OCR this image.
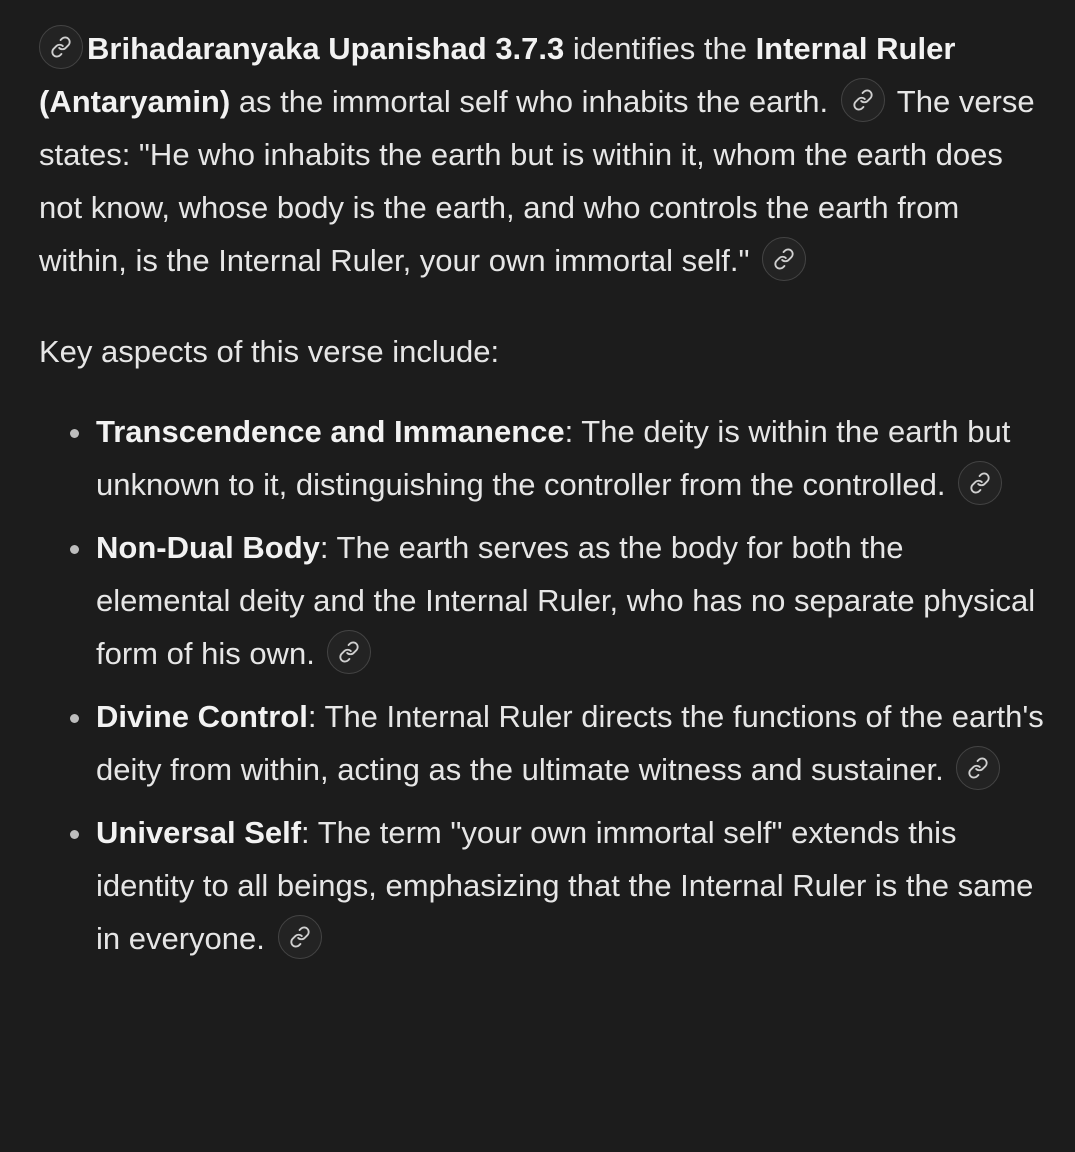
Brihadaranyaka Upanishad 3.7.3 identifies the Internal Ruler (Antaryamin) as the immortal self who inhabits the earth.
The verse states: "He who inhabits the earth but is within it, whom the earth does not know, whose body is the earth, and who controls the earth from within, is the Internal Ruler, your own immortal self."

Key aspects of this verse include:

Transcendence and Immanence: The deity is within the earth but unknown to it, distinguishing the controller from the controlled.
Non-Dual Body: The earth serves as the body for both the elemental deity and the Internal Ruler, who has no separate physical form of his own.
Divine Control: The Internal Ruler directs the functions of the earth's deity from within, acting as the ultimate witness and sustainer.
Universal Self: The term "your own immortal self" extends this identity to all beings, emphasizing that the Internal Ruler is the same in everyone.
